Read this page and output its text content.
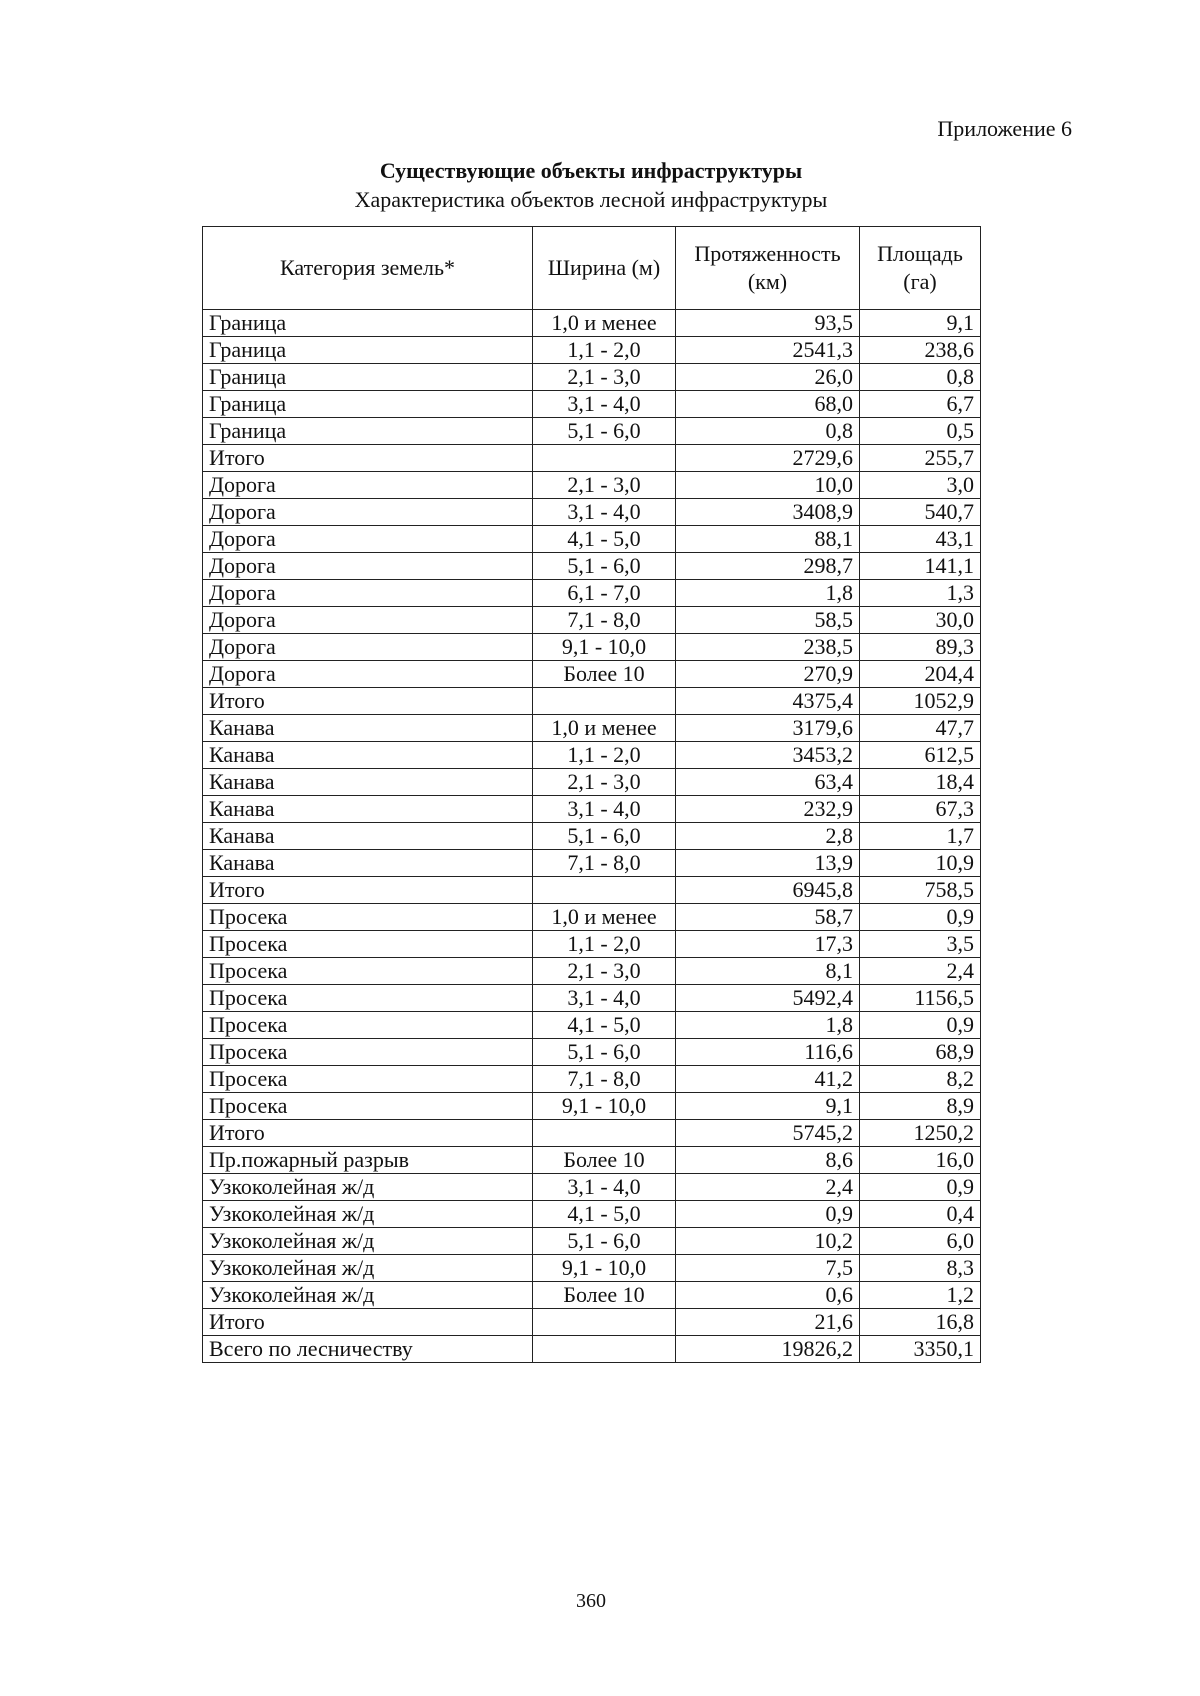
Приложение 6
Существующие объекты инфраструктуры
Характеристика объектов лесной инфраструктуры
Категория земель*	Ширина (м)	Протяженность (км)	Площадь (га)
Граница	1,0 и менее	93,5	9,1
Граница	1,1 - 2,0	2541,3	238,6
Граница	2,1 - 3,0	26,0	0,8
Граница	3,1 - 4,0	68,0	6,7
Граница	5,1 - 6,0	0,8	0,5
Итого		2729,6	255,7
Дорога	2,1 - 3,0	10,0	3,0
Дорога	3,1 - 4,0	3408,9	540,7
Дорога	4,1 - 5,0	88,1	43,1
Дорога	5,1 - 6,0	298,7	141,1
Дорога	6,1 - 7,0	1,8	1,3
Дорога	7,1 - 8,0	58,5	30,0
Дорога	9,1 - 10,0	238,5	89,3
Дорога	Более 10	270,9	204,4
Итого		4375,4	1052,9
Канава	1,0 и менее	3179,6	47,7
Канава	1,1 - 2,0	3453,2	612,5
Канава	2,1 - 3,0	63,4	18,4
Канава	3,1 - 4,0	232,9	67,3
Канава	5,1 - 6,0	2,8	1,7
Канава	7,1 - 8,0	13,9	10,9
Итого		6945,8	758,5
Просека	1,0 и менее	58,7	0,9
Просека	1,1 - 2,0	17,3	3,5
Просека	2,1 - 3,0	8,1	2,4
Просека	3,1 - 4,0	5492,4	1156,5
Просека	4,1 - 5,0	1,8	0,9
Просека	5,1 - 6,0	116,6	68,9
Просека	7,1 - 8,0	41,2	8,2
Просека	9,1 - 10,0	9,1	8,9
Итого		5745,2	1250,2
Пр.пожарный разрыв	Более 10	8,6	16,0
Узкоколейная ж/д	3,1 - 4,0	2,4	0,9
Узкоколейная ж/д	4,1 - 5,0	0,9	0,4
Узкоколейная ж/д	5,1 - 6,0	10,2	6,0
Узкоколейная ж/д	9,1 - 10,0	7,5	8,3
Узкоколейная ж/д	Более 10	0,6	1,2
Итого		21,6	16,8
Всего по лесничеству		19826,2	3350,1
360
